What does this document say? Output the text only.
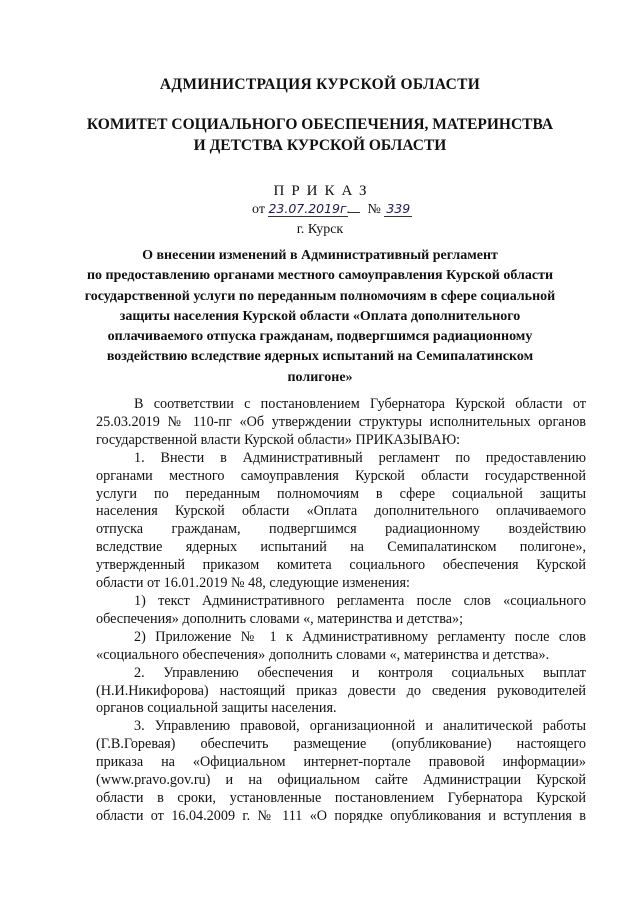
АДМИНИСТРАЦИЯ КУРСКОЙ ОБЛАСТИ
КОМИТЕТ СОЦИАЛЬНОГО ОБЕСПЕЧЕНИЯ, МАТЕРИНСТВА
И ДЕТСТВА КУРСКОЙ ОБЛАСТИ
ПРИКАЗ
от 23.07.2019г. № 339
г. Курск
О внесении изменений в Административный регламент
по предоставлению органами местного самоуправления Курской области
государственной услуги по переданным полномочиям в сфере социальной
защиты населения Курской области «Оплата дополнительного
оплачиваемого отпуска гражданам, подвергшимся радиационному
воздействию вследствие ядерных испытаний на Семипалатинском
полигоне»
В соответствии с постановлением Губернатора Курской области от
25.03.2019 № 110-пг «Об утверждении структуры исполнительных органов
государственной власти Курской области» ПРИКАЗЫВАЮ:
1. Внести в Административный регламент по предоставлению
органами местного самоуправления Курской области государственной
услуги по переданным полномочиям в сфере социальной защиты
населения Курской области «Оплата дополнительного оплачиваемого
отпуска гражданам, подвергшимся радиационному воздействию
вследствие ядерных испытаний на Семипалатинском полигоне»,
утвержденный приказом комитета социального обеспечения Курской
области от 16.01.2019 № 48, следующие изменения:
1) текст Административного регламента после слов «социального
обеспечения» дополнить словами «, материнства и детства»;
2) Приложение № 1 к Административному регламенту после слов
«социального обеспечения» дополнить словами «, материнства и детства».
2. Управлению обеспечения и контроля социальных выплат
(Н.И.Никифорова) настоящий приказ довести до сведения руководителей
органов социальной защиты населения.
3. Управлению правовой, организационной и аналитической работы
(Г.В.Горевая) обеспечить размещение (опубликование) настоящего
приказа на «Официальном интернет-портале правовой информации»
(www.pravo.gov.ru) и на официальном сайте Администрации Курской
области в сроки, установленные постановлением Губернатора Курской
области от 16.04.2009 г. № 111 «О порядке опубликования и вступления в
